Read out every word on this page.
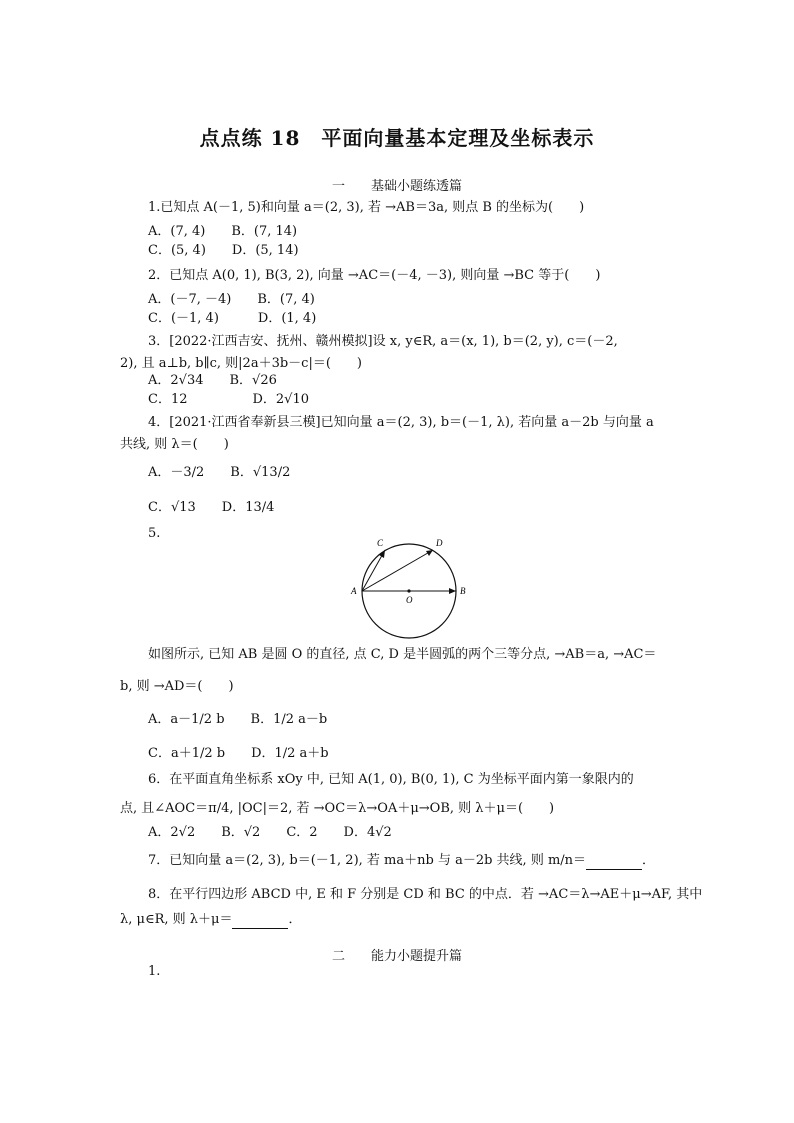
点点练 18　平面向量基本定理及坐标表示
一　　基础小题练透篇
1.已知点 A(－1, 5)和向量 a＝(2, 3), 若 →AB＝3a, 则点 B 的坐标为(　　)
A．(7, 4)　　B．(7, 14)
C．(5, 4)　　D．(5, 14)
2．已知点 A(0, 1), B(3, 2), 向量 →AC＝(－4, －3), 则向量 →BC 等于(　　)
A．(－7, －4)　　B．(7, 4)
C．(－1, 4)　　　D．(1, 4)
3．[2022·江西吉安、抚州、赣州模拟]设 x, y∈R, a＝(x, 1), b＝(2, y), c＝(－2,
2), 且 a⊥b, b∥c, 则|2a＋3b－c|＝(　　)
A．2√34　　B．√26
C．12　　　　　D．2√10
4．[2021·江西省奉新县三模]已知向量 a＝(2, 3), b＝(－1, λ), 若向量 a－2b 与向量 a
共线, 则 λ＝(　　)
A．－3/2　　B．√13/2
C．√13　　D．13/4
5.
A	B
C	D
O
如图所示, 已知 AB 是圆 O 的直径, 点 C, D 是半圆弧的两个三等分点, →AB＝a, →AC＝
b, 则 →AD＝(　　)
A．a－1/2 b　　B．1/2 a－b
C．a＋1/2 b　　D．1/2 a＋b
6．在平面直角坐标系 xOy 中, 已知 A(1, 0), B(0, 1), C 为坐标平面内第一象限内的
点, 且∠AOC＝π/4, |OC|＝2, 若 →OC＝λ→OA＋μ→OB, 则 λ＋μ＝(　　)
A．2√2　　B．√2　　C．2　　D．4√2
7．已知向量 a＝(2, 3), b＝(－1, 2), 若 ma＋nb 与 a－2b 共线, 则 m/n＝	．
8．在平行四边形 ABCD 中, E 和 F 分别是 CD 和 BC 的中点．若 →AC＝λ→AE＋μ→AF, 其中
λ, μ∈R, 则 λ＋μ＝	．
二　　能力小题提升篇
1.
